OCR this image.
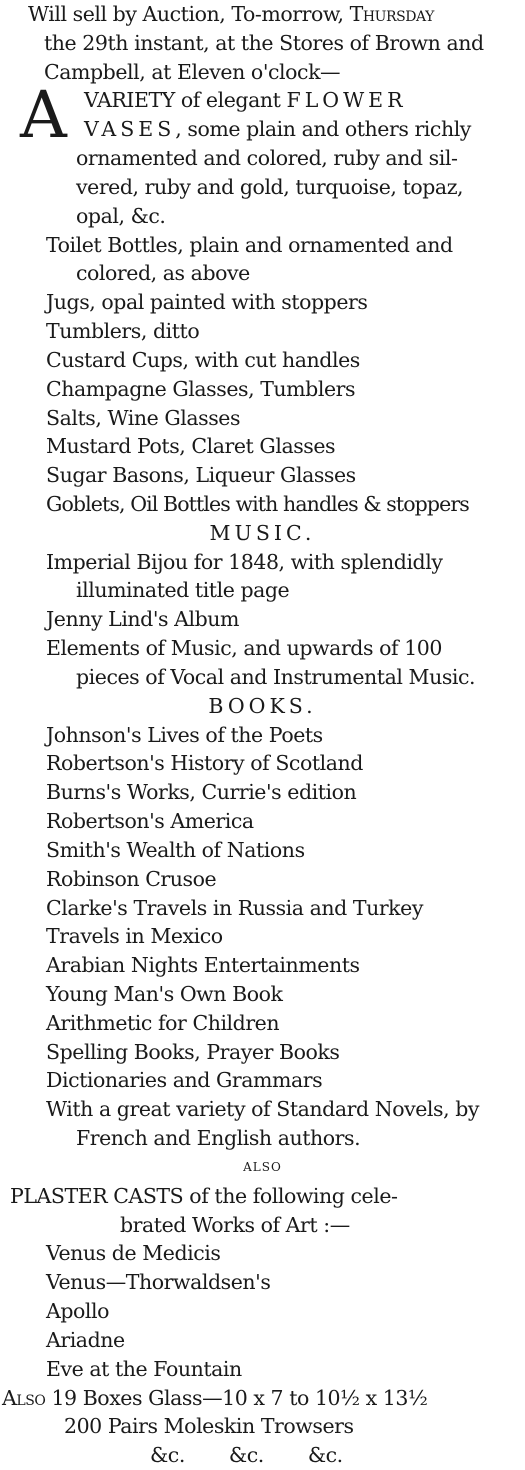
Will sell by Auction, To-morrow, Thursday
the 29th instant, at the Stores of Brown and
Campbell, at Eleven o'clock—
A VARIETY of elegant FLOWER
VASES, some plain and others richly
ornamented and colored, ruby and sil-
vered, ruby and gold, turquoise, topaz,
opal, &c.
Toilet Bottles, plain and ornamented and
colored, as above
Jugs, opal painted with stoppers
Tumblers, ditto
Custard Cups, with cut handles
Champagne Glasses, Tumblers
Salts, Wine Glasses
Mustard Pots, Claret Glasses
Sugar Basons, Liqueur Glasses
Goblets, Oil Bottles with handles & stoppers
MUSIC.
Imperial Bijou for 1848, with splendidly
illuminated title page
Jenny Lind's Album
Elements of Music, and upwards of 100
pieces of Vocal and Instrumental Music.
BOOKS.
Johnson's Lives of the Poets
Robertson's History of Scotland
Burns's Works, Currie's edition
Robertson's America
Smith's Wealth of Nations
Robinson Crusoe
Clarke's Travels in Russia and Turkey
Travels in Mexico
Arabian Nights Entertainments
Young Man's Own Book
Arithmetic for Children
Spelling Books, Prayer Books
Dictionaries and Grammars
With a great variety of Standard Novels, by
French and English authors.
ALSO
PLASTER CASTS of the following cele-
brated Works of Art :—
Venus de Medicis
Venus—Thorwaldsen's
Apollo
Ariadne
Eve at the Fountain
Also 19 Boxes Glass—10 x 7 to 10½ x 13½
200 Pairs Moleskin Trowsers
&c. &c. &c.
